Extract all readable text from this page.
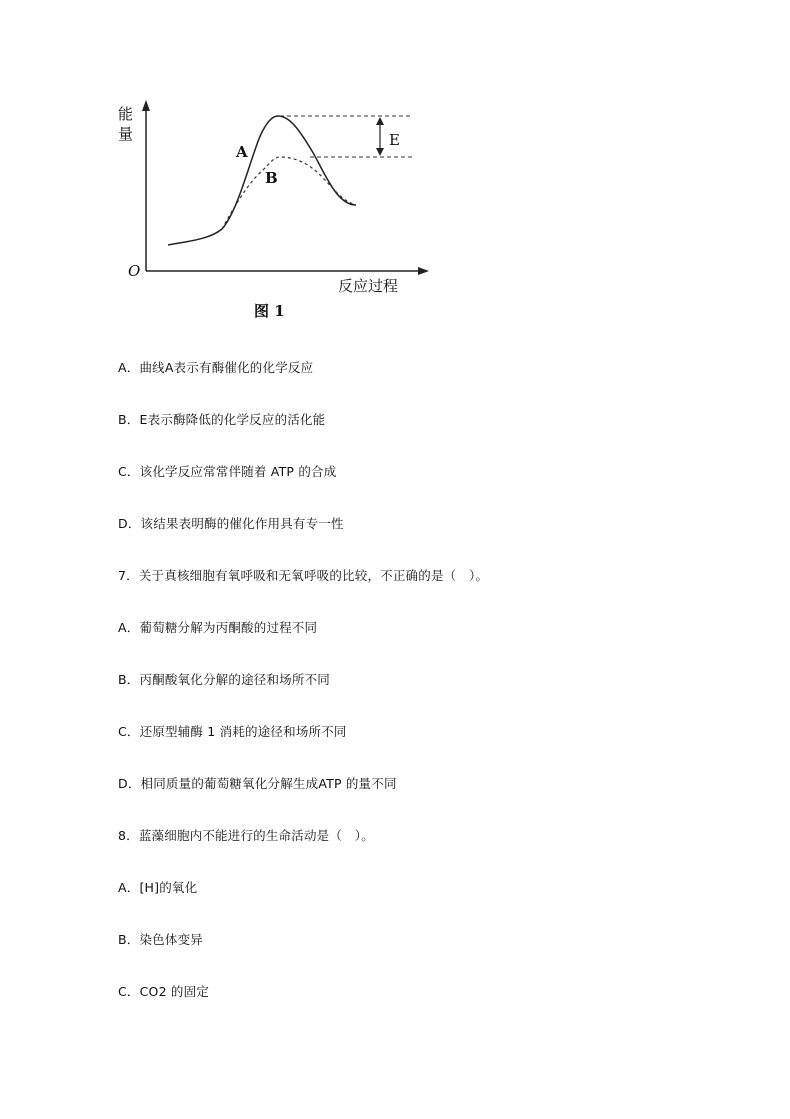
能
量
O
A
B
E
反应过程
图 1
A．曲线A表示有酶催化的化学反应
B．E表示酶降低的化学反应的活化能
C．该化学反应常常伴随着 ATP 的合成
D．该结果表明酶的催化作用具有专一性
7．关于真核细胞有氧呼吸和无氧呼吸的比较，不正确的是（　）。
A．葡萄糖分解为丙酮酸的过程不同
B．丙酮酸氧化分解的途径和场所不同
C．还原型辅酶 1 消耗的途径和场所不同
D．相同质量的葡萄糖氧化分解生成ATP 的量不同
8．蓝藻细胞内不能进行的生命活动是（　）。
A．[H]的氧化
B．染色体变异
C．CO2 的固定
